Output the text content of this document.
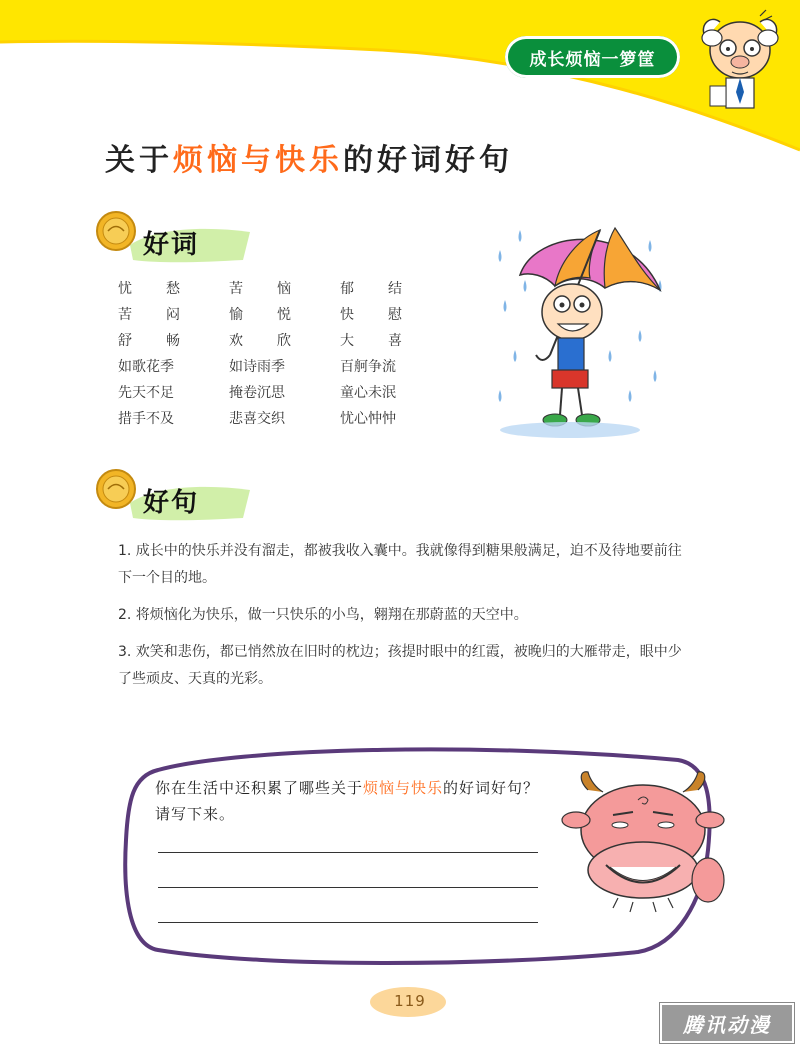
成长烦恼一箩筐
关于烦恼与快乐的好词好句
好词
忧愁	苦恼	郁结
苦闷	愉悦	快慰
舒畅	欢欣	大喜
如歌花季	如诗雨季	百舸争流
先天不足	掩卷沉思	童心未泯
措手不及	悲喜交织	忧心忡忡
好句

1. 成长中的快乐并没有溜走，都被我收入囊中。我就像得到糖果般满足，迫不及待地要前往下一个目的地。

2. 将烦恼化为快乐，做一只快乐的小鸟，翱翔在那蔚蓝的天空中。

3. 欢笑和悲伤，都已悄然放在旧时的枕边；孩提时眼中的红霞，被晚归的大雁带走，眼中少了些顽皮、天真的光彩。

你在生活中还积累了哪些关于烦恼与快乐的好词好句？请写下来。
119
腾讯动漫
